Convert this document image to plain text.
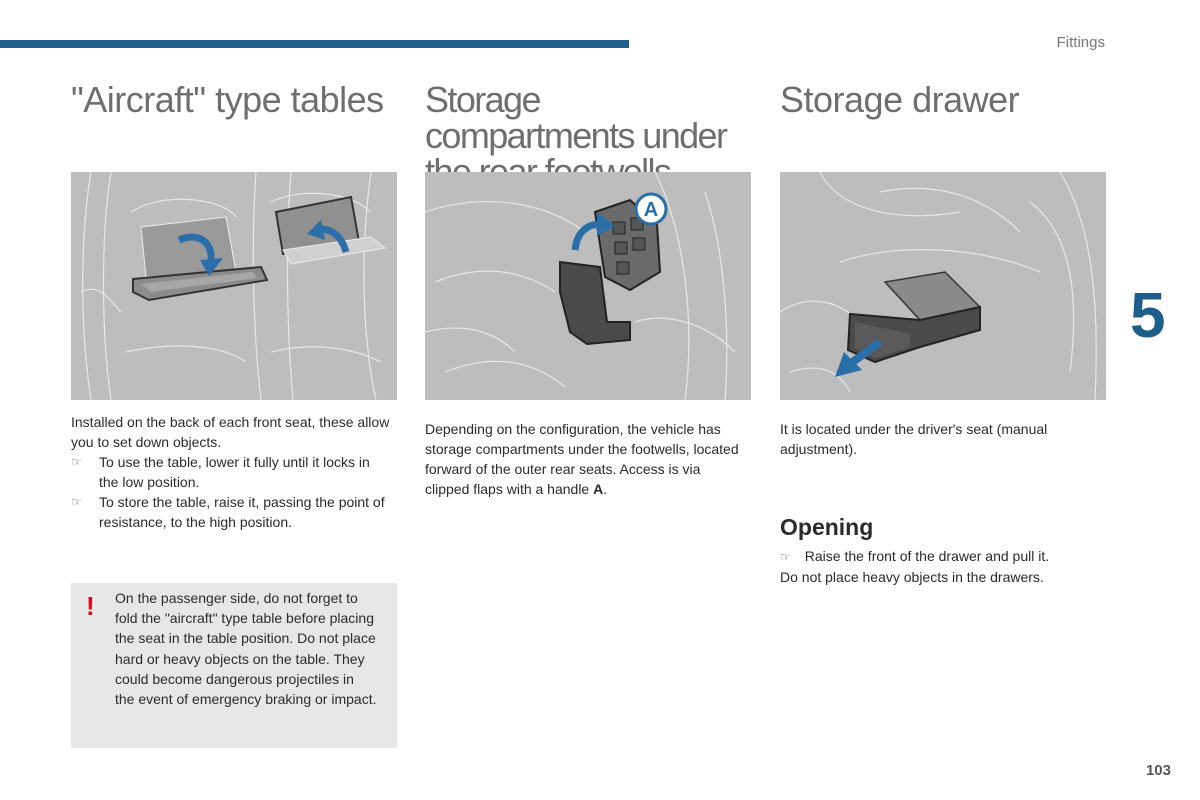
Fittings
"Aircraft" type tables
Installed on the back of each front seat, these allow you to set down objects.
☞	To use the table, lower it fully until it locks in the low position.
☞	To store the table, raise it, passing the point of resistance, to the high position.
! On the passenger side, do not forget to fold the "aircraft" type table before placing the seat in the table position. Do not place hard or heavy objects on the table. They could become dangerous projectiles in the event of emergency braking or impact.
Storage compartments under
A
Depending on the configuration, the vehicle has storage compartments under the footwells, located forward of the outer rear seats. Access is via clipped flaps with a handle A.
Storage drawer
It is located under the driver's seat (manual adjustment).
Opening
☞ Raise the front of the drawer and pull it.
Do not place heavy objects in the drawers.
5
103
